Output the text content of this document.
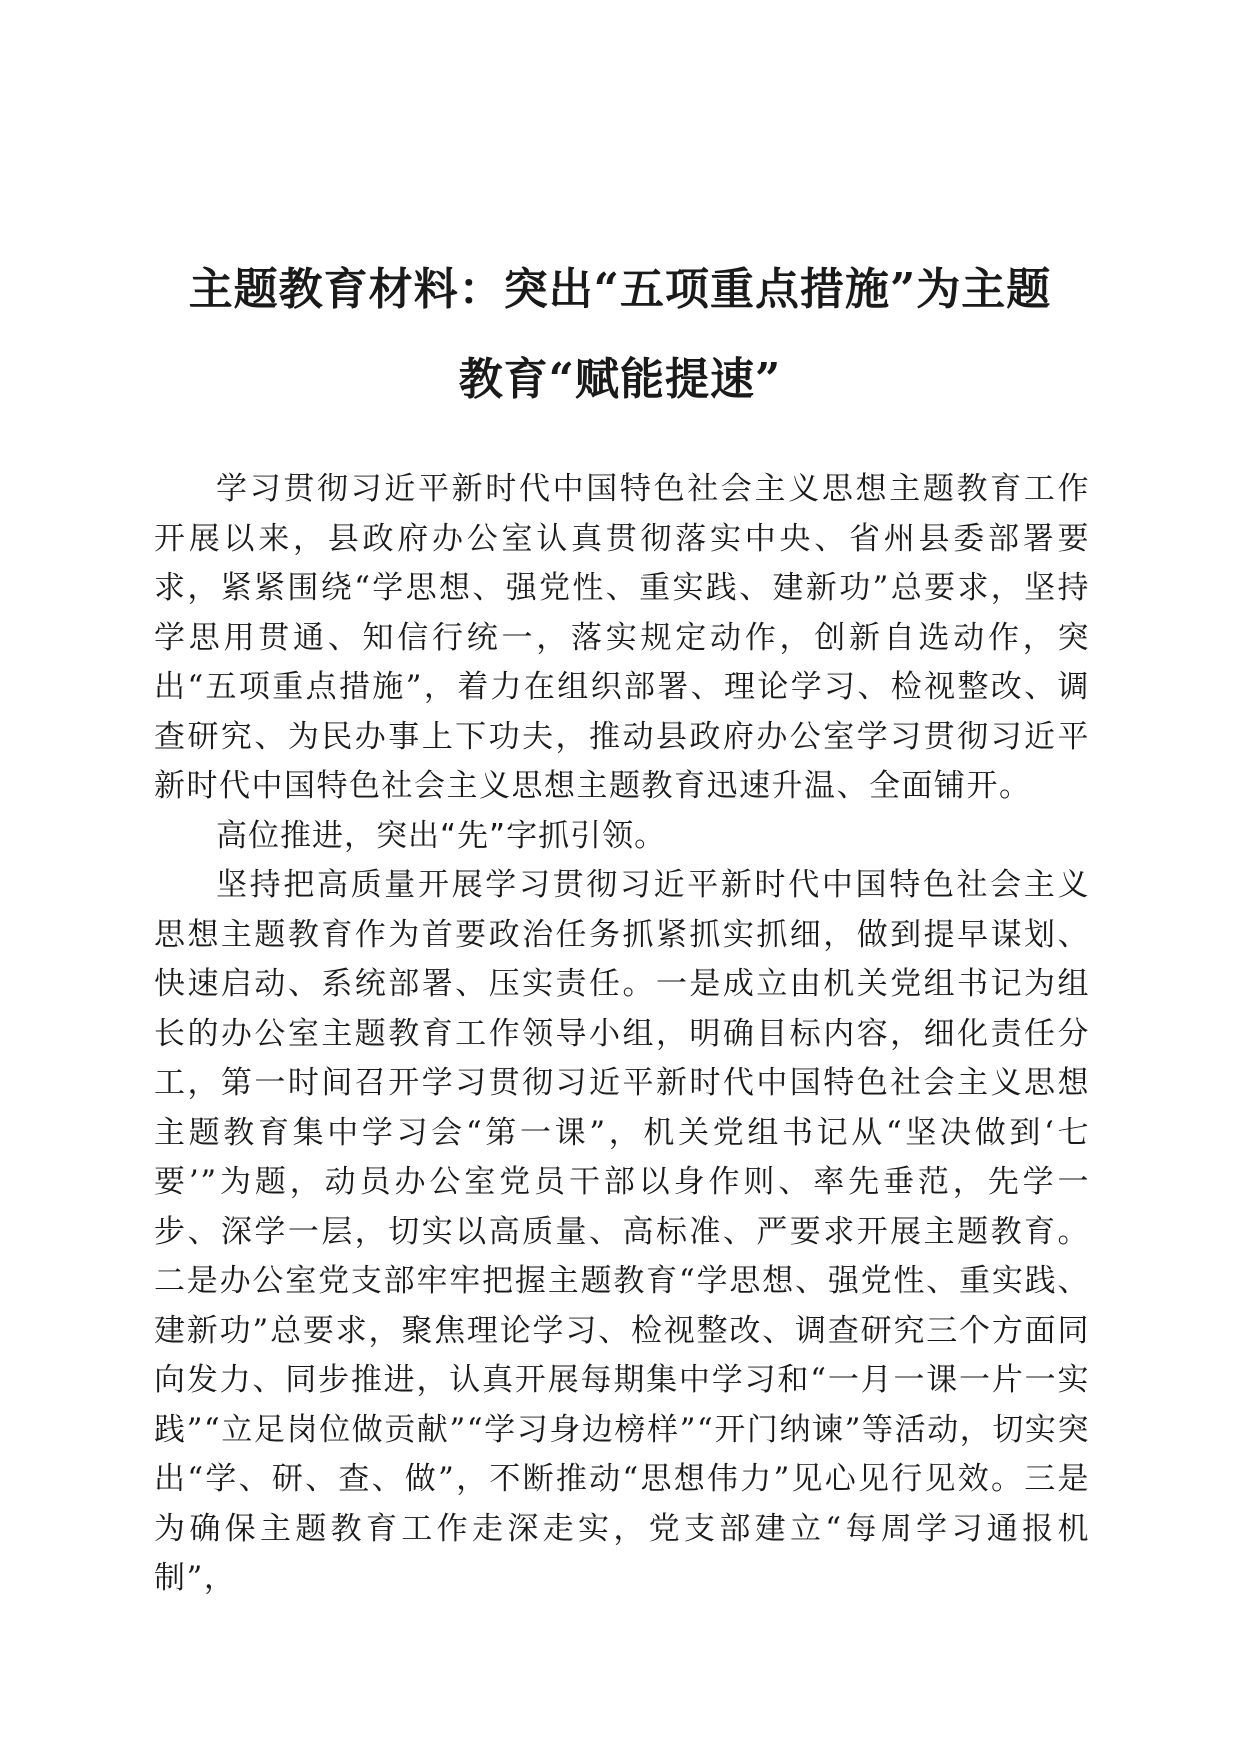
主题教育材料：突出“五项重点措施”为主题
教育“赋能提速”

学习贯彻习近平新时代中国特色社会主义思想主题教育工作开展以来，县政府办公室认真贯彻落实中央、省州县委部署要求，紧紧围绕“学思想、强党性、重实践、建新功”总要求，坚持学思用贯通、知信行统一，落实规定动作，创新自选动作，突出“五项重点措施”，着力在组织部署、理论学习、检视整改、调查研究、为民办事上下功夫，推动县政府办公室学习贯彻习近平新时代中国特色社会主义思想主题教育迅速升温、全面铺开。

高位推进，突出“先”字抓引领。

坚持把高质量开展学习贯彻习近平新时代中国特色社会主义思想主题教育作为首要政治任务抓紧抓实抓细，做到提早谋划、快速启动、系统部署、压实责任。一是成立由机关党组书记为组长的办公室主题教育工作领导小组，明确目标内容，细化责任分工，第一时间召开学习贯彻习近平新时代中国特色社会主义思想主题教育集中学习会“第一课”，机关党组书记从“坚决做到‘七要’”为题，动员办公室党员干部以身作则、率先垂范，先学一步、深学一层，切实以高质量、高标准、严要求开展主题教育。二是办公室党支部牢牢把握主题教育“学思想、强党性、重实践、建新功”总要求，聚焦理论学习、检视整改、调查研究三个方面同向发力、同步推进，认真开展每期集中学习和“一月一课一片一实践”“立足岗位做贡献”“学习身边榜样”“开门纳谏”等活动，切实突出“学、研、查、做”，不断推动“思想伟力”见心见行见效。三是为确保主题教育工作走深走实，党支部建立“每周学习通报机制”，
